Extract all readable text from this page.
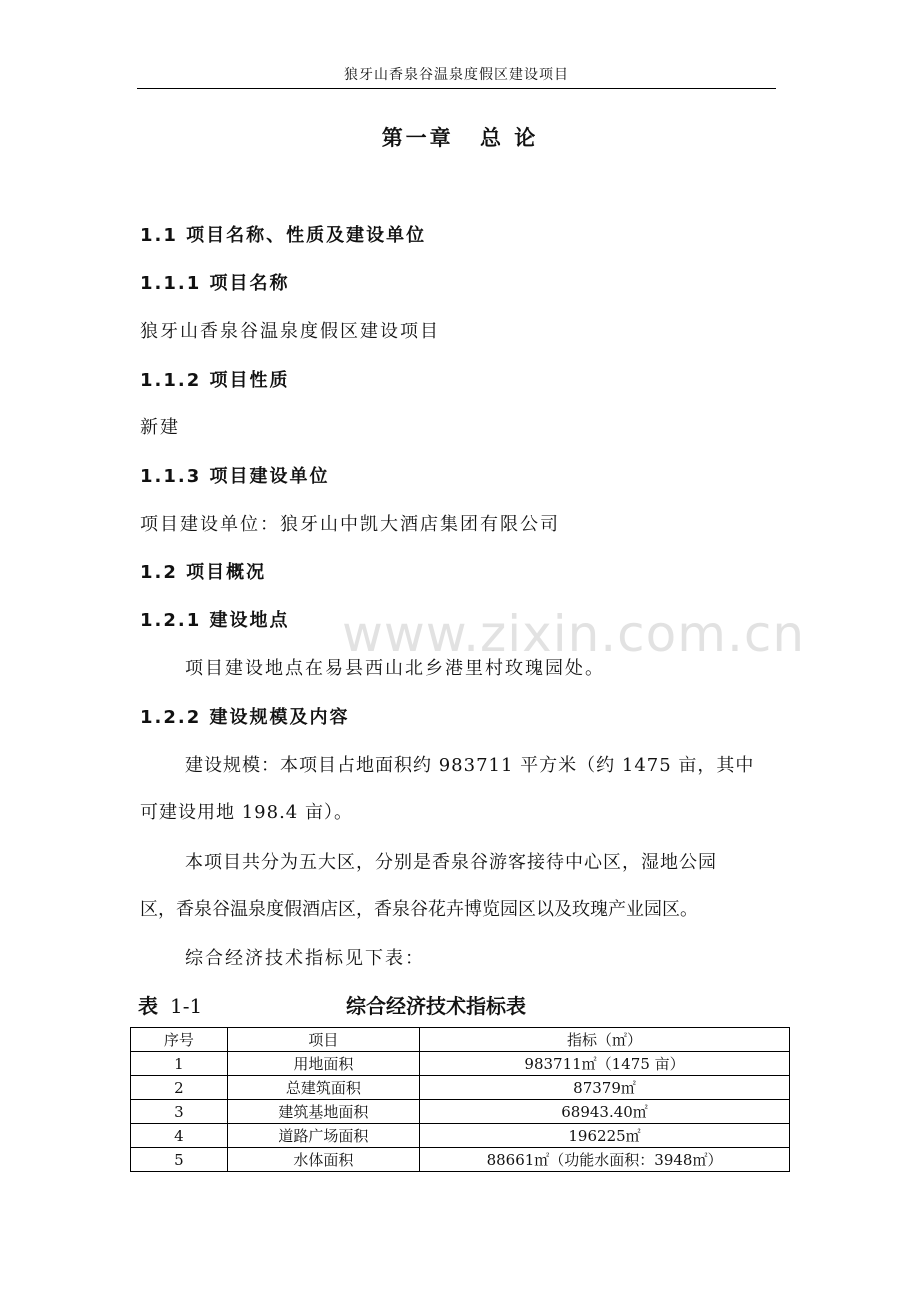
狼牙山香泉谷温泉度假区建设项目
第一章 总 论
1.1 项目名称、性质及建设单位
1.1.1 项目名称
狼牙山香泉谷温泉度假区建设项目
1.1.2 项目性质
新建
1.1.3 项目建设单位
项目建设单位：狼牙山中凯大酒店集团有限公司
1.2 项目概况
1.2.1 建设地点
项目建设地点在易县西山北乡港里村玫瑰园处。
1.2.2 建设规模及内容
建设规模：本项目占地面积约 983711 平方米（约 1475 亩，其中
可建设用地 198.4 亩）。
本项目共分为五大区，分别是香泉谷游客接待中心区，湿地公园
区，香泉谷温泉度假酒店区，香泉谷花卉博览园区以及玫瑰产业园区。
综合经济技术指标见下表：
www.zixin.com.cn
表 1-1	综合经济技术指标表
序号	项目	指标（㎡）
1	用地面积	983711㎡（1475 亩）
2	总建筑面积	87379㎡
3	建筑基地面积	68943.40㎡
4	道路广场面积	196225㎡
5	水体面积	88661㎡（功能水面积：3948㎡）
